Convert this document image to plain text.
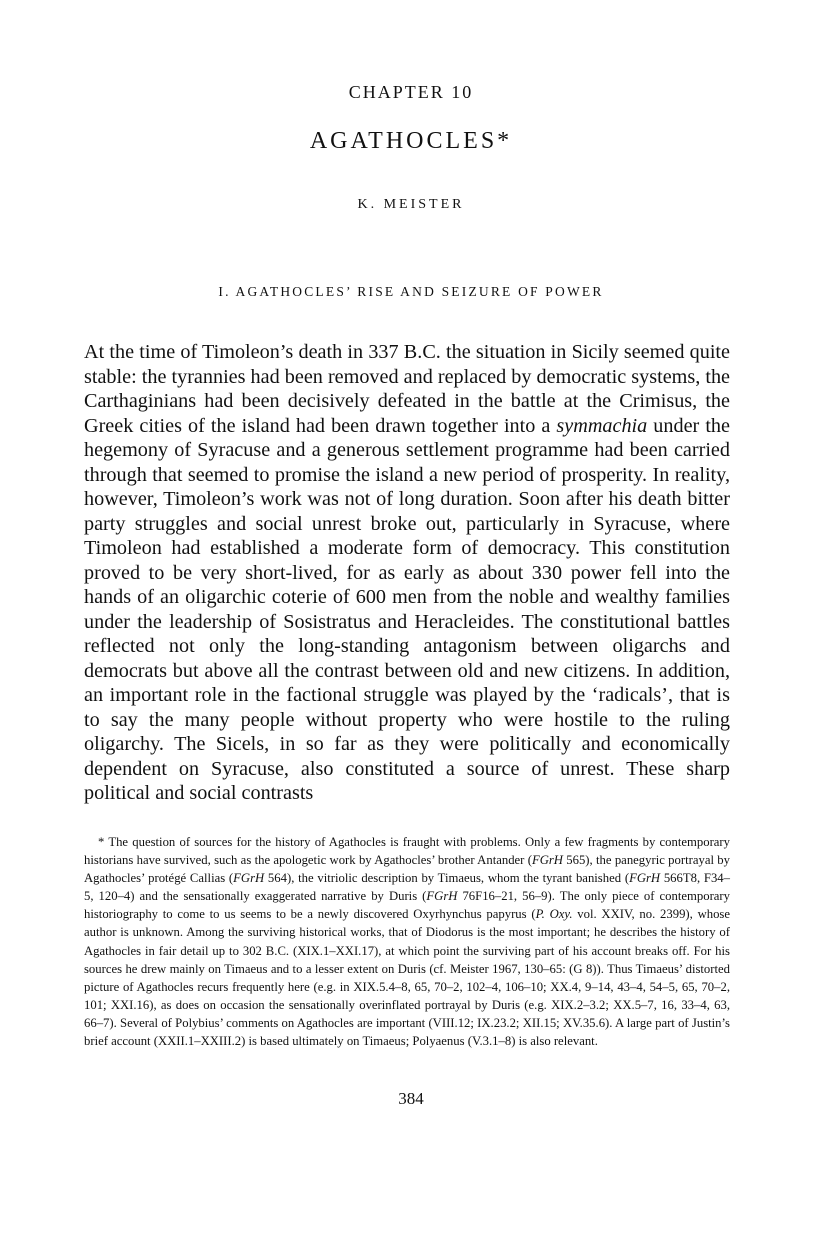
CHAPTER 10
AGATHOCLES*
K. MEISTER
I. AGATHOCLES’ RISE AND SEIZURE OF POWER

At the time of Timoleon’s death in 337 B.C. the situation in Sicily seemed quite stable: the tyrannies had been removed and replaced by democratic systems, the Carthaginians had been decisively defeated in the battle at the Crimisus, the Greek cities of the island had been drawn together into a symmachia under the hegemony of Syracuse and a generous settlement programme had been carried through that seemed to promise the island a new period of prosperity. In reality, however, Timoleon’s work was not of long duration. Soon after his death bitter party struggles and social unrest broke out, particularly in Syracuse, where Timoleon had established a moderate form of democracy. This constitution proved to be very short-lived, for as early as about 330 power fell into the hands of an oligarchic coterie of 600 men from the noble and wealthy families under the leadership of Sosistratus and Heracleides. The constitutional battles reflected not only the long-standing antagonism between oligarchs and democrats but above all the contrast between old and new citizens. In addition, an important role in the factional struggle was played by the ‘radicals’, that is to say the many people without property who were hostile to the ruling oligarchy. The Sicels, in so far as they were politically and economically dependent on Syracuse, also constituted a source of unrest. These sharp political and social contrasts

* The question of sources for the history of Agathocles is fraught with problems. Only a few fragments by contemporary historians have survived, such as the apologetic work by Agathocles’ brother Antander (FGrH 565), the panegyric portrayal by Agathocles’ protégé Callias (FGrH 564), the vitriolic description by Timaeus, whom the tyrant banished (FGrH 566T8, F34–5, 120–4) and the sensationally exaggerated narrative by Duris (FGrH 76F16–21, 56–9). The only piece of contemporary historiography to come to us seems to be a newly discovered Oxyrhynchus papyrus (P. Oxy. vol. XXIV, no. 2399), whose author is unknown. Among the surviving historical works, that of Diodorus is the most important; he describes the history of Agathocles in fair detail up to 302 B.C. (XIX.1–XXI.17), at which point the surviving part of his account breaks off. For his sources he drew mainly on Timaeus and to a lesser extent on Duris (cf. Meister 1967, 130–65: (G 8)). Thus Timaeus’ distorted picture of Agathocles recurs frequently here (e.g. in XIX.5.4–8, 65, 70–2, 102–4, 106–10; XX.4, 9–14, 43–4, 54–5, 65, 70–2, 101; XXI.16), as does on occasion the sensationally overinflated portrayal by Duris (e.g. XIX.2–3.2; XX.5–7, 16, 33–4, 63, 66–7). Several of Polybius’ comments on Agathocles are important (VIII.12; IX.23.2; XII.15; XV.35.6). A large part of Justin’s brief account (XXII.1–XXIII.2) is based ultimately on Timaeus; Polyaenus (V.3.1–8) is also relevant.

384
